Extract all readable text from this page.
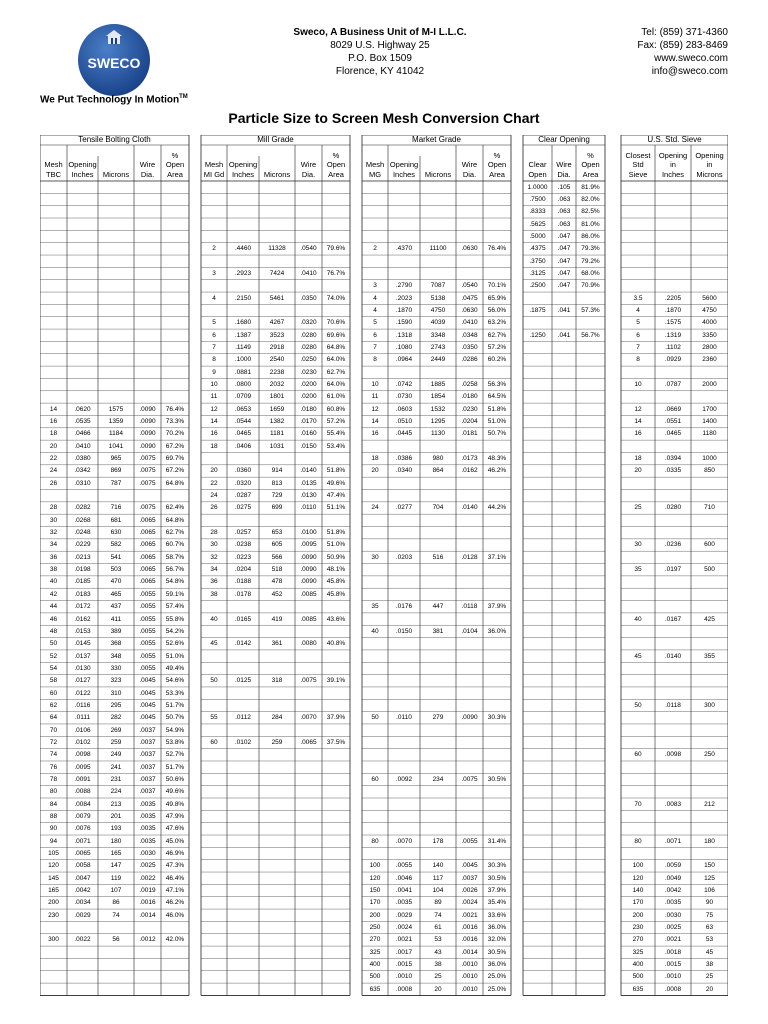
SWECO
We Put Technology In Motion™
Sweco, A Business Unit of M-I L.L.C.
8029 U.S. Highway 25
P.O. Box 1509
Florence, KY 41042
Tel: (859) 371-4360
Fax: (859) 283-8469
www.sweco.com
info@sweco.com
Particle Size to Screen Mesh Conversion Chart
Tensile Bolting Cloth
Mesh
TBC
Opening
Inches	
Microns
Wire
Dia.
%
Open
Area
14	.0620	1575	.0090	76.4%
16	.0535	1359	.0090	73.3%
18	.0466	1184	.0090	70.2%
20	.0410	1041	.0090	67.2%
22	.0380	965	.0075	69.7%
24	.0342	869	.0075	67.2%
26	.0310	787	.0075	64.8%
28	.0282	716	.0075	62.4%
30	.0268	681	.0065	64.8%
32	.0248	630	.0065	62.7%
34	.0229	582	.0065	60.7%
36	.0213	541	.0065	58.7%
38	.0198	503	.0065	56.7%
40	.0185	470	.0065	54.8%
42	.0183	465	.0055	59.1%
44	.0172	437	.0055	57.4%
46	.0162	411	.0055	55.8%
48	.0153	389	.0055	54.2%
50	.0145	368	.0055	52.6%
52	.0137	348	.0055	51.0%
54	.0130	330	.0055	49.4%
58	.0127	323	.0045	54.6%
60	.0122	310	.0045	53.3%
62	.0116	295	.0045	51.7%
64	.0111	282	.0045	50.7%
70	.0106	269	.0037	54.9%
72	.0102	259	.0037	53.8%
74	.0098	249	.0037	52.7%
76	.0095	241	.0037	51.7%
78	.0091	231	.0037	50.6%
80	.0088	224	.0037	49.6%
84	.0084	213	.0035	49.8%
88	.0079	201	.0035	47.9%
90	.0076	193	.0035	47.6%
94	.0071	180	.0035	45.0%
105	.0065	165	.0030	46.9%
120	.0058	147	.0025	47.3%
145	.0047	119	.0022	46.4%
165	.0042	107	.0019	47.1%
200	.0034	86	.0016	46.2%
230	.0029	74	.0014	46.0%
300	.0022	56	.0012	42.0%
Mill Grade
Mesh
MI Gd
Opening
Inches	
Microns
Wire
Dia.
%
Open
Area
2	.4460	11328	.0540	79.6%
3	.2923	7424	.0410	76.7%
4	.2150	5461	.0350	74.0%
5	.1680	4267	.0320	70.6%
6	.1387	3523	.0280	69.6%
7	.1149	2918	.0280	64.8%
8	.1000	2540	.0250	64.0%
9	.0881	2238	.0230	62.7%
10	.0800	2032	.0200	64.0%
11	.0709	1801	.0200	61.0%
12	.0653	1659	.0180	60.8%
14	.0544	1382	.0170	57.2%
16	.0465	1181	.0160	55.4%
18	.0406	1031	.0150	53.4%
20	.0360	914	.0140	51.8%
22	.0320	813	.0135	49.6%
24	.0287	729	.0130	47.4%
26	.0275	699	.0110	51.1%
28	.0257	653	.0100	51.8%
30	.0238	605	.0095	51.0%
32	.0223	566	.0090	50.9%
34	.0204	518	.0090	48.1%
36	.0188	478	.0090	45.8%
38	.0178	452	.0085	45.8%
40	.0165	419	.0085	43.6%
45	.0142	361	.0080	40.8%
50	.0125	318	.0075	39.1%
55	.0112	284	.0070	37.9%
60	.0102	259	.0065	37.5%
Market Grade
Mesh
MG
Opening
Inches	
Microns
Wire
Dia.
%
Open
Area
2	.4370	11100	.0630	76.4%
3	.2790	7087	.0540	70.1%
4	.2023	5138	.0475	65.9%
4	.1870	4750	.0630	56.0%
5	.1590	4039	.0410	63.2%
6	.1318	3348	.0348	62.7%
7	.1080	2743	.0350	57.2%
8	.0964	2449	.0286	60.2%
10	.0742	1885	.0258	56.3%
11	.0730	1854	.0180	64.5%
12	.0603	1532	.0230	51.8%
14	.0510	1295	.0204	51.0%
16	.0445	1130	.0181	50.7%
18	.0386	980	.0173	48.3%
20	.0340	864	.0162	46.2%
24	.0277	704	.0140	44.2%
30	.0203	516	.0128	37.1%
35	.0176	447	.0118	37.9%
40	.0150	381	.0104	36.0%
50	.0110	279	.0090	30.3%
60	.0092	234	.0075	30.5%
80	.0070	178	.0055	31.4%
100	.0055	140	.0045	30.3%
120	.0046	117	.0037	30.5%
150	.0041	104	.0026	37.9%
170	.0035	89	.0024	35.4%
200	.0029	74	.0021	33.6%
250	.0024	61	.0016	36.0%
270	.0021	53	.0016	32.0%
325	.0017	43	.0014	30.5%
400	.0015	38	.0010	36.0%
500	.0010	25	.0010	25.0%
635	.0008	20	.0010	25.0%
Clear Opening
Clear
Open
Wire
Dia.
%
Open
Area
1.0000	.105	81.9%
.7500	.063	82.0%
.8333	.063	82.5%
.5625	.063	81.0%
.5000	.047	86.0%
.4375	.047	79.3%
.3750	.047	79.2%
.3125	.047	68.0%
.2500	.047	70.9%
.1875	.041	57.3%
.1250	.041	56.7%
U.S. Std. Sieve
Closest
Std
Sieve
Opening
in
Inches
Opening
in
Microns
3.5	.2205	5600
4	.1870	4750
5	.1575	4000
6	.1319	3350
7	.1102	2800
8	.0929	2360
10	.0787	2000
12	.0669	1700
14	.0551	1400
16	.0465	1180
18	.0394	1000
20	.0335	850
25	.0280	710
30	.0236	600
35	.0197	500
40	.0167	425
45	.0140	355
50	.0118	300
60	.0098	250
70	.0083	212
80	.0071	180
100	.0059	150
120	.0049	125
140	.0042	106
170	.0035	90
200	.0030	75
230	.0025	63
270	.0021	53
325	.0018	45
400	.0015	38
500	.0010	25
635	.0008	20
